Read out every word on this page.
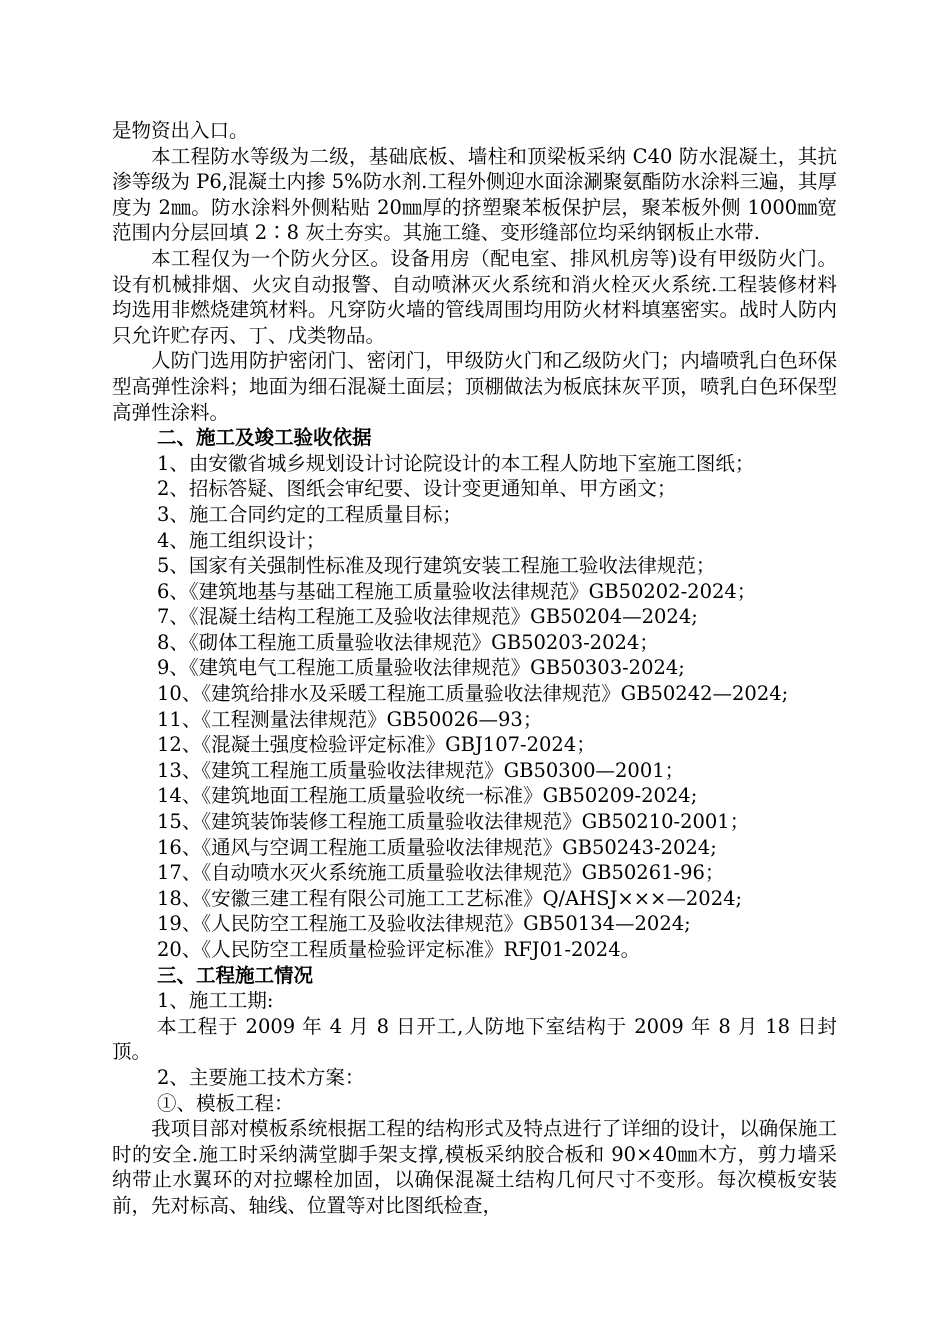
是物资出入口。

本工程防水等级为二级，基础底板、墙柱和顶梁板采纳 C40 防水混凝土，其抗渗等级为 P6,混凝土内掺 5%防水剂.工程外侧迎水面涂涮聚氨酯防水涂料三遍，其厚度为 2㎜。防水涂料外侧粘贴 20㎜厚的挤塑聚苯板保护层，聚苯板外侧 1000㎜宽范围内分层回填 2∶8 灰土夯实。其施工缝、变形缝部位均采纳钢板止水带.

本工程仅为一个防火分区。设备用房（配电室、排风机房等)设有甲级防火门。设有机械排烟、火灾自动报警、自动喷淋灭火系统和消火栓灭火系统.工程装修材料均选用非燃烧建筑材料。凡穿防火墙的管线周围均用防火材料填塞密实。战时人防内只允许贮存丙、丁、戊类物品。

人防门选用防护密闭门、密闭门，甲级防火门和乙级防火门；内墙喷乳白色环保型高弹性涂料；地面为细石混凝土面层；顶棚做法为板底抹灰平顶，喷乳白色环保型高弹性涂料。

二、施工及竣工验收依据

1、由安徽省城乡规划设计讨论院设计的本工程人防地下室施工图纸；

2、招标答疑、图纸会审纪要、设计变更通知单、甲方函文；

3、施工合同约定的工程质量目标；

4、施工组织设计；

5、国家有关强制性标准及现行建筑安装工程施工验收法律规范；

6、《建筑地基与基础工程施工质量验收法律规范》GB50202-2024；

7、《混凝土结构工程施工及验收法律规范》GB50204—2024;

8、《砌体工程施工质量验收法律规范》GB50203-2024；

9、《建筑电气工程施工质量验收法律规范》GB50303-2024;

10、《建筑给排水及采暖工程施工质量验收法律规范》GB50242—2024;

11、《工程测量法律规范》GB50026—93；

12、《混凝土强度检验评定标准》GBJ107-2024；

13、《建筑工程施工质量验收法律规范》GB50300—2001；

14、《建筑地面工程施工质量验收统一标准》GB50209-2024;

15、《建筑装饰装修工程施工质量验收法律规范》GB50210-2001；

16、《通风与空调工程施工质量验收法律规范》GB50243-2024;

17、《自动喷水灭火系统施工质量验收法律规范》GB50261-96；

18、《安徽三建工程有限公司施工工艺标准》Q/AHSJ×××—2024;

19、《人民防空工程施工及验收法律规范》GB50134—2024;

20、《人民防空工程质量检验评定标准》RFJ01-2024。

三、工程施工情况

1、施工工期:

本工程于 2009 年 4 月 8 日开工,人防地下室结构于 2009 年 8 月 18 日封顶。

2、主要施工技术方案：

①、模板工程：

我项目部对模板系统根据工程的结构形式及特点进行了详细的设计，以确保施工时的安全.施工时采纳满堂脚手架支撑,模板采纳胶合板和 90×40㎜木方，剪力墙采纳带止水翼环的对拉螺栓加固，以确保混凝土结构几何尺寸不变形。每次模板安装前，先对标高、轴线、位置等对比图纸检查，
